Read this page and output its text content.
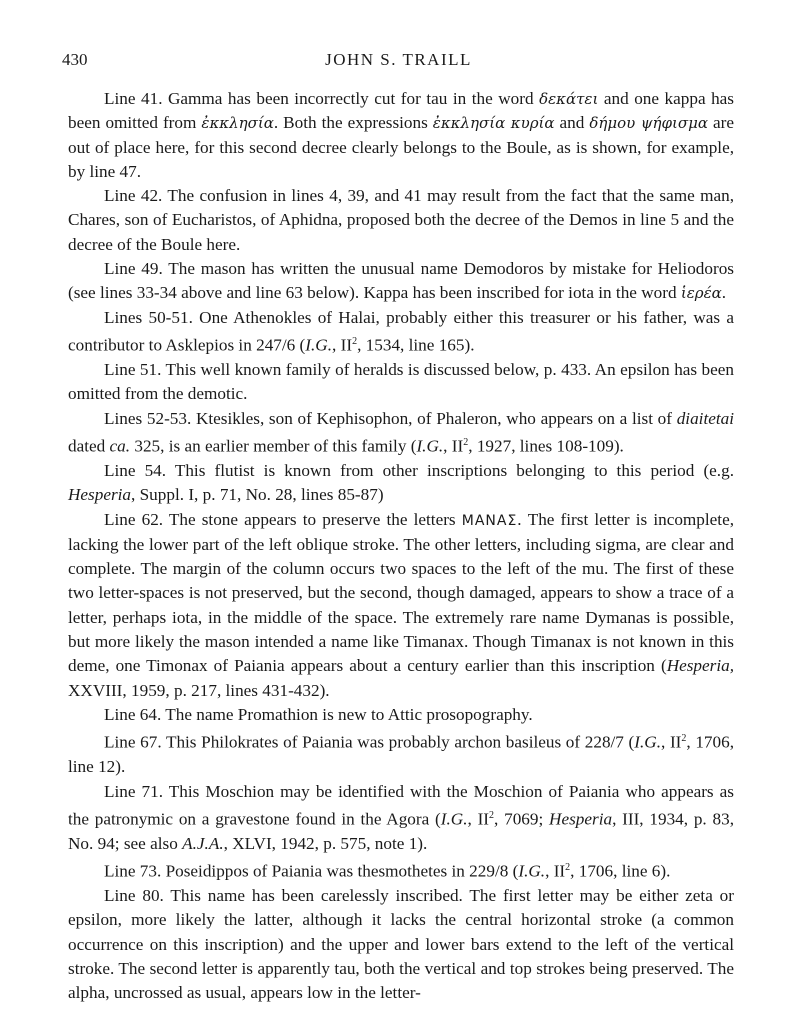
430	JOHN S. TRAILL

Line 41. Gamma has been incorrectly cut for tau in the word δεκάτει and one kappa has been omitted from ἐκκλησία. Both the expressions ἐκκλησία κυρία and δήμου ψήφισμα are out of place here, for this second decree clearly belongs to the Boule, as is shown, for example, by line 47.

Line 42. The confusion in lines 4, 39, and 41 may result from the fact that the same man, Chares, son of Eucharistos, of Aphidna, proposed both the decree of the Demos in line 5 and the decree of the Boule here.

Line 49. The mason has written the unusual name Demodoros by mistake for Heliodoros (see lines 33-34 above and line 63 below). Kappa has been inscribed for iota in the word ἱερέα.

Lines 50-51. One Athenokles of Halai, probably either this treasurer or his father, was a contributor to Asklepios in 247/6 (I.G., $II^2$, 1534, line 165).

Line 51. This well known family of heralds is discussed below, p. 433. An epsilon has been omitted from the demotic.

Lines 52-53. Ktesikles, son of Kephisophon, of Phaleron, who appears on a list of diaitetai dated ca. 325, is an earlier member of this family (I.G., $II^2$, 1927, lines 108-109).

Line 54. This flutist is known from other inscriptions belonging to this period (e.g. Hesperia, Suppl. I, p. 71, No. 28, lines 85-87)

Line 62. The stone appears to preserve the letters ΜΑΝΑΣ. The first letter is incomplete, lacking the lower part of the left oblique stroke. The other letters, including sigma, are clear and complete. The margin of the column occurs two spaces to the left of the mu. The first of these two letter-spaces is not preserved, but the second, though damaged, appears to show a trace of a letter, perhaps iota, in the middle of the space. The extremely rare name Dymanas is possible, but more likely the mason intended a name like Timanax. Though Timanax is not known in this deme, one Timonax of Paiania appears about a century earlier than this inscription (Hesperia, XXVIII, 1959, p. 217, lines 431-432).

Line 64. The name Promathion is new to Attic prosopography.

Line 67. This Philokrates of Paiania was probably archon basileus of 228/7 (I.G., $II^2$, 1706, line 12).

Line 71. This Moschion may be identified with the Moschion of Paiania who appears as the patronymic on a gravestone found in the Agora (I.G., $II^2$, 7069; Hesperia, III, 1934, p. 83, No. 94; see also A.J.A., XLVI, 1942, p. 575, note 1).

Line 73. Poseidippos of Paiania was thesmothetes in 229/8 (I.G., $II^2$, 1706, line 6).

Line 80. This name has been carelessly inscribed. The first letter may be either zeta or epsilon, more likely the latter, although it lacks the central horizontal stroke (a common occurrence on this inscription) and the upper and lower bars extend to the left of the vertical stroke. The second letter is apparently tau, both the vertical and top strokes being preserved. The alpha, uncrossed as usual, appears low in the letter-
